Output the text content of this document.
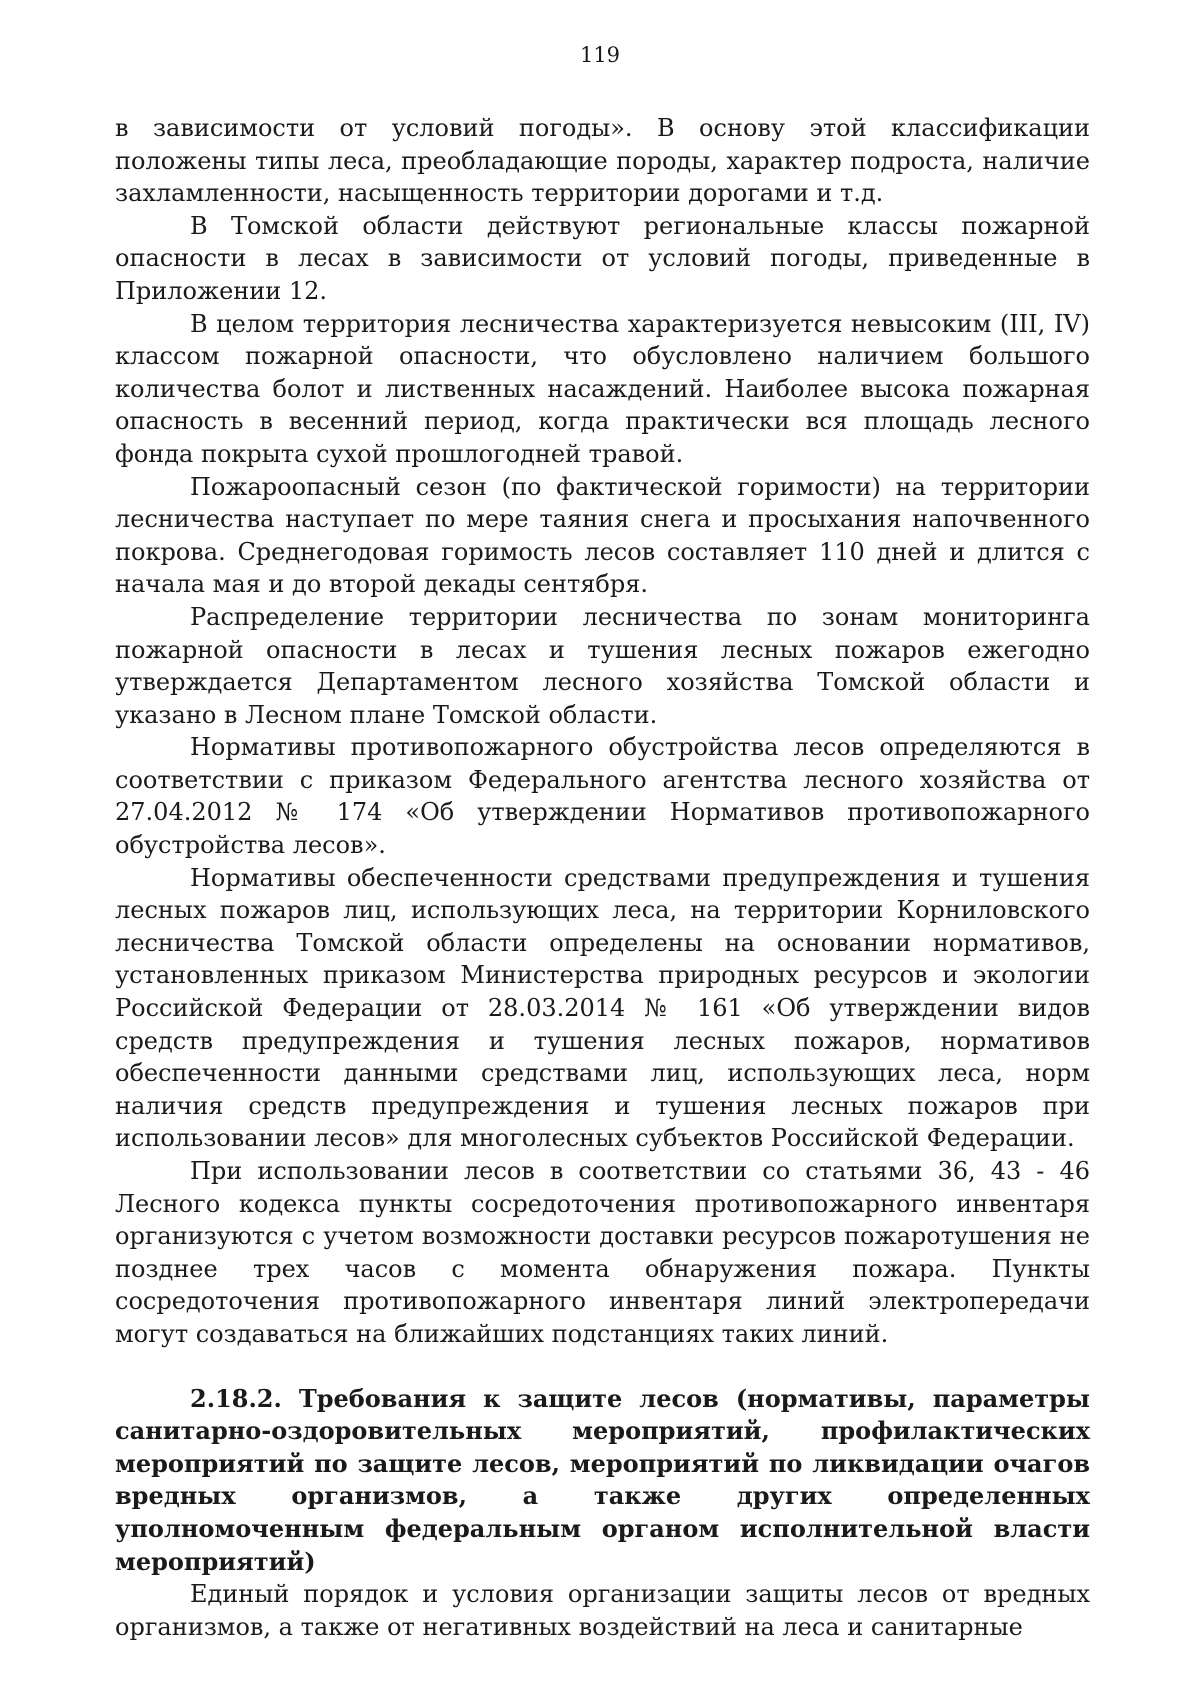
119

в зависимости от условий погоды». В основу этой классификации положены типы леса, преобладающие породы, характер подроста, наличие захламленности, насыщенность территории дорогами и т.д.

В Томской области действуют региональные классы пожарной опасности в лесах в зависимости от условий погоды, приведенные в Приложении 12.

В целом территория лесничества характеризуется невысоким (III, IV) классом пожарной опасности, что обусловлено наличием большого количества болот и лиственных насаждений. Наиболее высока пожарная опасность в весенний период, когда практически вся площадь лесного фонда покрыта сухой прошлогодней травой.

Пожароопасный сезон (по фактической горимости) на территории лесничества наступает по мере таяния снега и просыхания напочвенного покрова. Среднегодовая горимость лесов составляет 110 дней и длится с начала мая и до второй декады сентября.

Распределение территории лесничества по зонам мониторинга пожарной опасности в лесах и тушения лесных пожаров ежегодно утверждается Департаментом лесного хозяйства Томской области и указано в Лесном плане Томской области.

Нормативы противопожарного обустройства лесов определяются в соответствии с приказом Федерального агентства лесного хозяйства от 27.04.2012 № 174 «Об утверждении Нормативов противопожарного обустройства лесов».

Нормативы обеспеченности средствами предупреждения и тушения лесных пожаров лиц, использующих леса, на территории Корниловского лесничества Томской области определены на основании нормативов, установленных приказом Министерства природных ресурсов и экологии Российской Федерации от 28.03.2014 № 161 «Об утверждении видов средств предупреждения и тушения лесных пожаров, нормативов обеспеченности данными средствами лиц, использующих леса, норм наличия средств предупреждения и тушения лесных пожаров при использовании лесов» для многолесных субъектов Российской Федерации.

При использовании лесов в соответствии со статьями 36, 43 - 46 Лесного кодекса пункты сосредоточения противопожарного инвентаря организуются с учетом возможности доставки ресурсов пожаротушения не позднее трех часов с момента обнаружения пожара. Пункты сосредоточения противопожарного инвентаря линий электропередачи могут создаваться на ближайших подстанциях таких линий.

2.18.2. Требования к защите лесов (нормативы, параметры санитарно-оздоровительных мероприятий, профилактических мероприятий по защите лесов, мероприятий по ликвидации очагов вредных организмов, а также других определенных уполномоченным федеральным органом исполнительной власти мероприятий)

Единый порядок и условия организации защиты лесов от вредных организмов, а также от негативных воздействий на леса и санитарные
